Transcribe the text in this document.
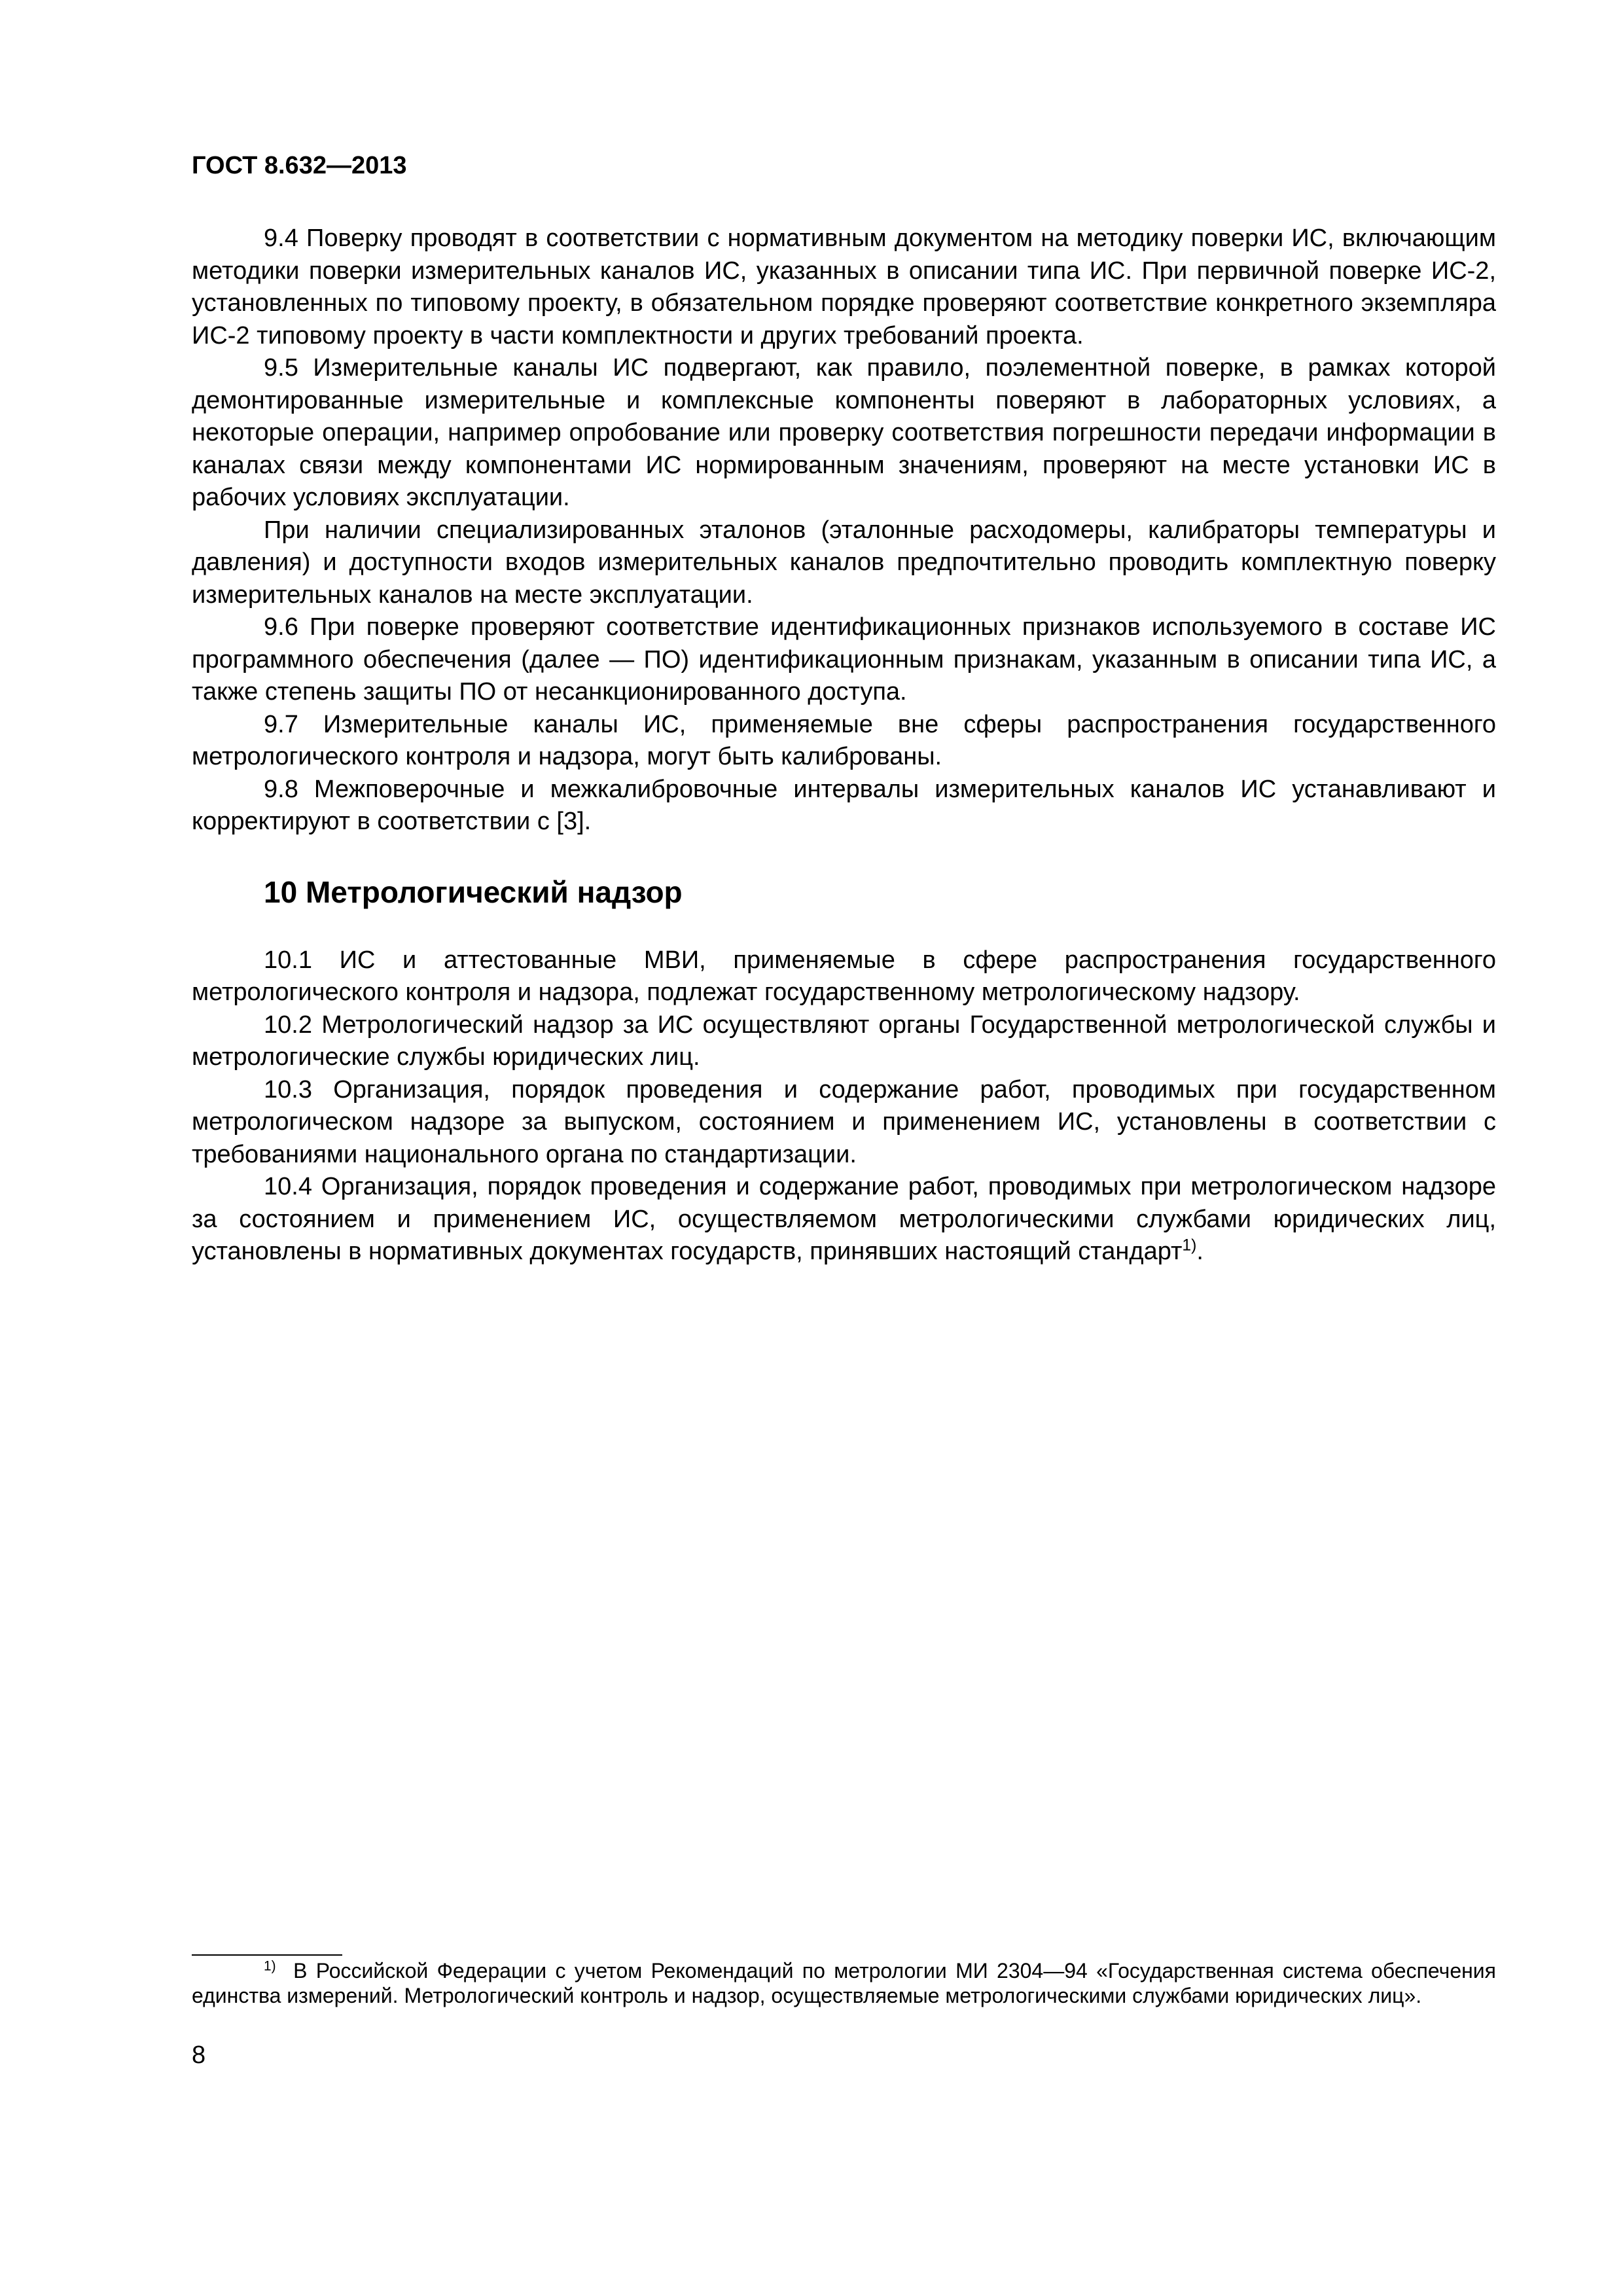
ГОСТ 8.632—2013

9.4 Поверку проводят в соответствии с нормативным документом на методику поверки ИС, включающим методики поверки измерительных каналов ИС, указанных в описании типа ИС. При первичной поверке ИС-2, установленных по типовому проекту, в обязательном порядке проверяют соответствие конкретного экземпляра ИС-2 типовому проекту в части комплектности и других требований проекта.

9.5 Измерительные каналы ИС подвергают, как правило, поэлементной поверке, в рамках которой демонтированные измерительные и комплексные компоненты поверяют в лабораторных условиях, а некоторые операции, например опробование или проверку соответствия погрешности передачи информации в каналах связи между компонентами ИС нормированным значениям, проверяют на месте установки ИС в рабочих условиях эксплуатации.

При наличии специализированных эталонов (эталонные расходомеры, калибраторы температуры и давления) и доступности входов измерительных каналов предпочтительно проводить комплектную поверку измерительных каналов на месте эксплуатации.

9.6 При поверке проверяют соответствие идентификационных признаков используемого в составе ИС программного обеспечения (далее — ПО) идентификационным признакам, указанным в описании типа ИС, а также степень защиты ПО от несанкционированного доступа.

9.7 Измерительные каналы ИС, применяемые вне сферы распространения государственного метрологического контроля и надзора, могут быть калиброваны.

9.8 Межповерочные и межкалибровочные интервалы измерительных каналов ИС устанавливают и корректируют в соответствии с [3].

10 Метрологический надзор

10.1 ИС и аттестованные МВИ, применяемые в сфере распространения государственного метрологического контроля и надзора, подлежат государственному метрологическому надзору.

10.2 Метрологический надзор за ИС осуществляют органы Государственной метрологической службы и метрологические службы юридических лиц.

10.3 Организация, порядок проведения и содержание работ, проводимых при государственном метрологическом надзоре за выпуском, состоянием и применением ИС, установлены в соответствии с требованиями национального органа по стандартизации.

10.4 Организация, порядок проведения и содержание работ, проводимых при метрологическом надзоре за состоянием и применением ИС, осуществляемом метрологическими службами юридических лиц, установлены в нормативных документах государств, принявших настоящий стандарт$^{1)}$.

$^{1)}$ В Российской Федерации с учетом Рекомендаций по метрологии МИ 2304—94 «Государственная система обеспечения единства измерений. Метрологический контроль и надзор, осуществляемые метрологическими службами юридических лиц».

8
